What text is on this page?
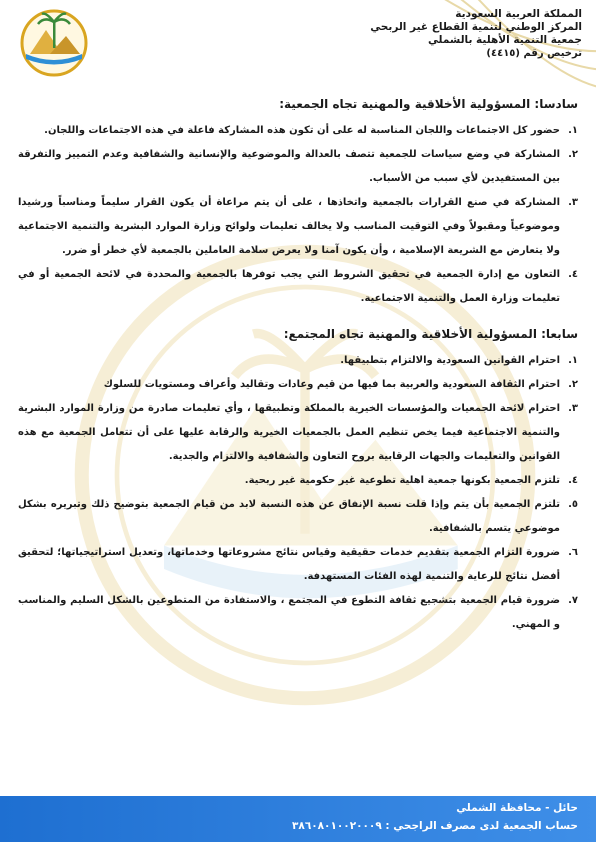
المملكة العربية السعودية
المركز الوطني لتنمية القطاع غير الربحي
جمعية التنمية الأهلية بالشملي
ترخيص رقم (٤٤١٥)
سادسا: المسؤولية الأخلاقية والمهنية تجاه الجمعية:
١.
حضور كل الاجتماعات واللجان المناسبة له على أن تكون هذه المشاركة فاعلة في هذه الاجتماعات واللجان.
٢.
المشاركة في وضع سياسات للجمعية تتصف بالعدالة والموضوعية والإنسانية والشفافية وعدم التمييز والتفرقة بين المستفيدين لأي سبب من الأسباب.
٣.
المشاركة في صنع القرارات بالجمعية واتخاذها ، على أن يتم مراعاة أن يكون القرار سليماً ومناسباً ورشيدا وموضوعياً ومقبولاً وفي التوقيت المناسب ولا يخالف تعليمات ولوائح وزارة الموارد البشرية والتنمية الاجتماعية ولا يتعارض مع الشريعة الإسلامية ، وأن يكون آمنا ولا يعرض سلامة العاملين بالجمعية لأي خطر أو ضرر.
٤.
التعاون مع إدارة الجمعية في تحقيق الشروط التي يجب توفرها بالجمعية والمحددة في لائحة الجمعية أو في تعليمات وزارة العمل والتنمية الاجتماعية.
سابعا: المسؤولية الأخلاقية والمهنية تجاه المجتمع:
١.
احترام القوانين السعودية والالتزام بتطبيقها.
٢.
احترام الثقافة السعودية والعربية بما فيها من قيم وعادات وتقاليد وأعراف ومستويات للسلوك
٣.
احترام لائحة الجمعيات والمؤسسات الخيرية بالمملكة وتطبيقها ، وأي تعليمات صادرة من وزارة الموارد البشرية والتنمية الاجتماعية فيما يخص تنظيم العمل بالجمعيات الخيرية والرقابة عليها على أن تتعامل الجمعية مع هذه القوانين والتعليمات والجهات الرقابية بروح التعاون والشفافية والالتزام والجدية.
٤.
تلتزم الجمعية بكونها جمعية اهلية تطوعية غير حكومية غير ربحية.
٥.
تلتزم الجمعية بأن يتم وإذا قلت نسبة الإنفاق عن هذه النسبة لابد من قيام الجمعية بتوضيح ذلك وتبريره بشكل موضوعي يتسم بالشفافية.
٦.
ضرورة التزام الجمعية بتقديم خدمات حقيقية وقياس نتائج مشروعاتها وخدماتها، وتعديل استراتيجياتها؛ لتحقيق أفضل نتائج للرعاية والتنمية لهذه الفئات المستهدفة.
٧.
ضرورة قيام الجمعية بتشجيع ثقافة التطوع في المجتمع ، والاستفادة من المتطوعين بالشكل السليم والمناسب و المهني.
حائل - محافظة الشملي
حساب الجمعية لدى مصرف الراجحي : ٣٨٦٠٨٠١٠٠٢٠٠٠٩
